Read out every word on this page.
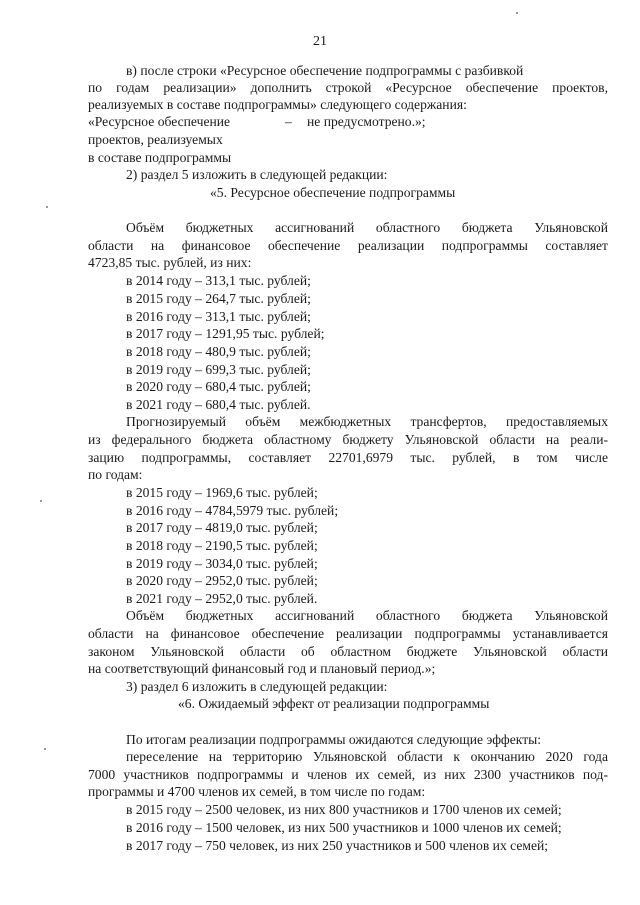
21
в) после строки «Ресурсное обеспечение подпрограммы с разбивкой
по годам реализации» дополнить строкой «Ресурсное обеспечение проектов,
реализуемых в составе подпрограммы» следующего содержания:
«Ресурсное обеспечение	– не предусмотрено.»;
проектов, реализуемых
в составе подпрограммы
2) раздел 5 изложить в следующей редакции:
«5. Ресурсное обеспечение подпрограммы
Объём бюджетных ассигнований областного бюджета Ульяновской
области на финансовое обеспечение реализации подпрограммы составляет
4723,85 тыс. рублей, из них:
в 2014 году – 313,1 тыс. рублей;
в 2015 году – 264,7 тыс. рублей;
в 2016 году – 313,1 тыс. рублей;
в 2017 году – 1291,95 тыс. рублей;
в 2018 году – 480,9 тыс. рублей;
в 2019 году – 699,3 тыс. рублей;
в 2020 году – 680,4 тыс. рублей;
в 2021 году – 680,4 тыс. рублей.
Прогнозируемый объём межбюджетных трансфертов, предоставляемых
из федерального бюджета областному бюджету Ульяновской области на реали-
зацию подпрограммы, составляет 22701,6979 тыс. рублей, в том числе
по годам:
в 2015 году – 1969,6 тыс. рублей;
в 2016 году – 4784,5979 тыс. рублей;
в 2017 году – 4819,0 тыс. рублей;
в 2018 году – 2190,5 тыс. рублей;
в 2019 году – 3034,0 тыс. рублей;
в 2020 году – 2952,0 тыс. рублей;
в 2021 году – 2952,0 тыс. рублей.
Объём бюджетных ассигнований областного бюджета Ульяновской
области на финансовое обеспечение реализации подпрограммы устанавливается
законом Ульяновской области об областном бюджете Ульяновской области
на соответствующий финансовый год и плановый период.»;
3) раздел 6 изложить в следующей редакции:
«6. Ожидаемый эффект от реализации подпрограммы
По итогам реализации подпрограммы ожидаются следующие эффекты:
переселение на территорию Ульяновской области к окончанию 2020 года
7000 участников подпрограммы и членов их семей, из них 2300 участников под-
программы и 4700 членов их семей, в том числе по годам:
в 2015 году – 2500 человек, из них 800 участников и 1700 членов их семей;
в 2016 году – 1500 человек, из них 500 участников и 1000 членов их семей;
в 2017 году – 750 человек, из них 250 участников и 500 членов их семей;
